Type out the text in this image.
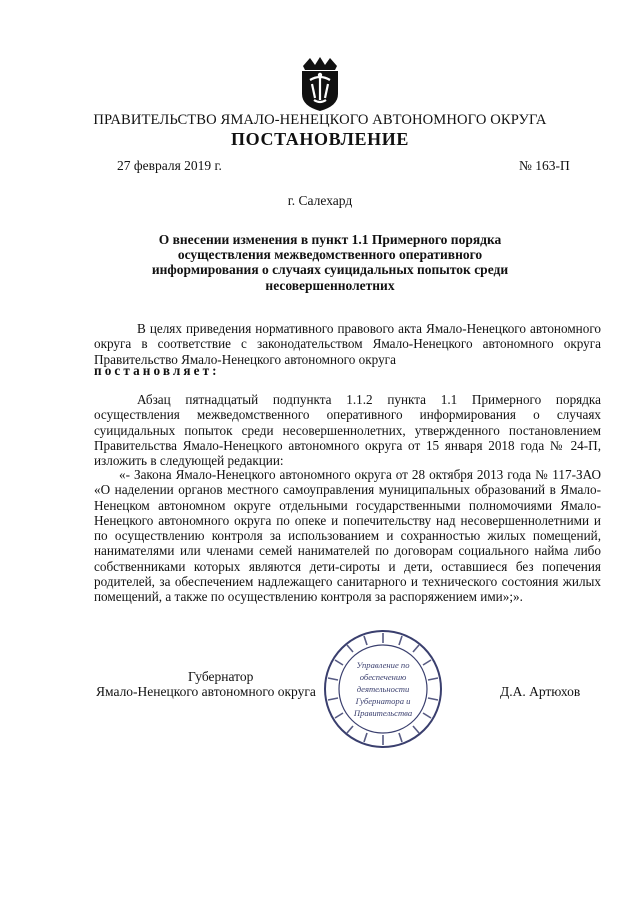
ПРАВИТЕЛЬСТВО ЯМАЛО-НЕНЕЦКОГО АВТОНОМНОГО ОКРУГА
ПОСТАНОВЛЕНИЕ
27 февраля 2019 г.	№ 163-П
г. Салехард
О внесении изменения в пункт 1.1 Примерного порядка осуществления межведомственного оперативного информирования о случаях суицидальных попыток среди несовершеннолетних
В целях приведения нормативного правового акта Ямало-Ненецкого автономного округа в соответствие с законодательством Ямало-Ненецкого автономного округа Правительство Ямало-Ненецкого автономного округа
постановляет:
Абзац пятнадцатый подпункта 1.1.2 пункта 1.1 Примерного порядка осуществления межведомственного оперативного информирования о случаях суицидальных попыток среди несовершеннолетних, утвержденного постановлением Правительства Ямало-Ненецкого автономного округа от 15 января 2018 года № 24-П, изложить в следующей редакции:
«- Закона Ямало-Ненецкого автономного округа от 28 октября 2013 года № 117-ЗАО «О наделении органов местного самоуправления муниципальных образований в Ямало-Ненецком автономном округе отдельными государственными полномочиями Ямало-Ненецкого автономного округа по опеке и попечительству над несовершеннолетними и по осуществлению контроля за использованием и сохранностью жилых помещений, нанимателями или членами семей нанимателей по договорам социального найма либо собственниками которых являются дети-сироты и дети, оставшиеся без попечения родителей, за обеспечением надлежащего санитарного и технического состояния жилых помещений, а также по осуществлению контроля за распоряжением ими»;».
Управление по
обеспечению
деятельности
Губернатора и
Правительства
Губернатор
Ямало-Ненецкого автономного округа	Д.А. Артюхов
